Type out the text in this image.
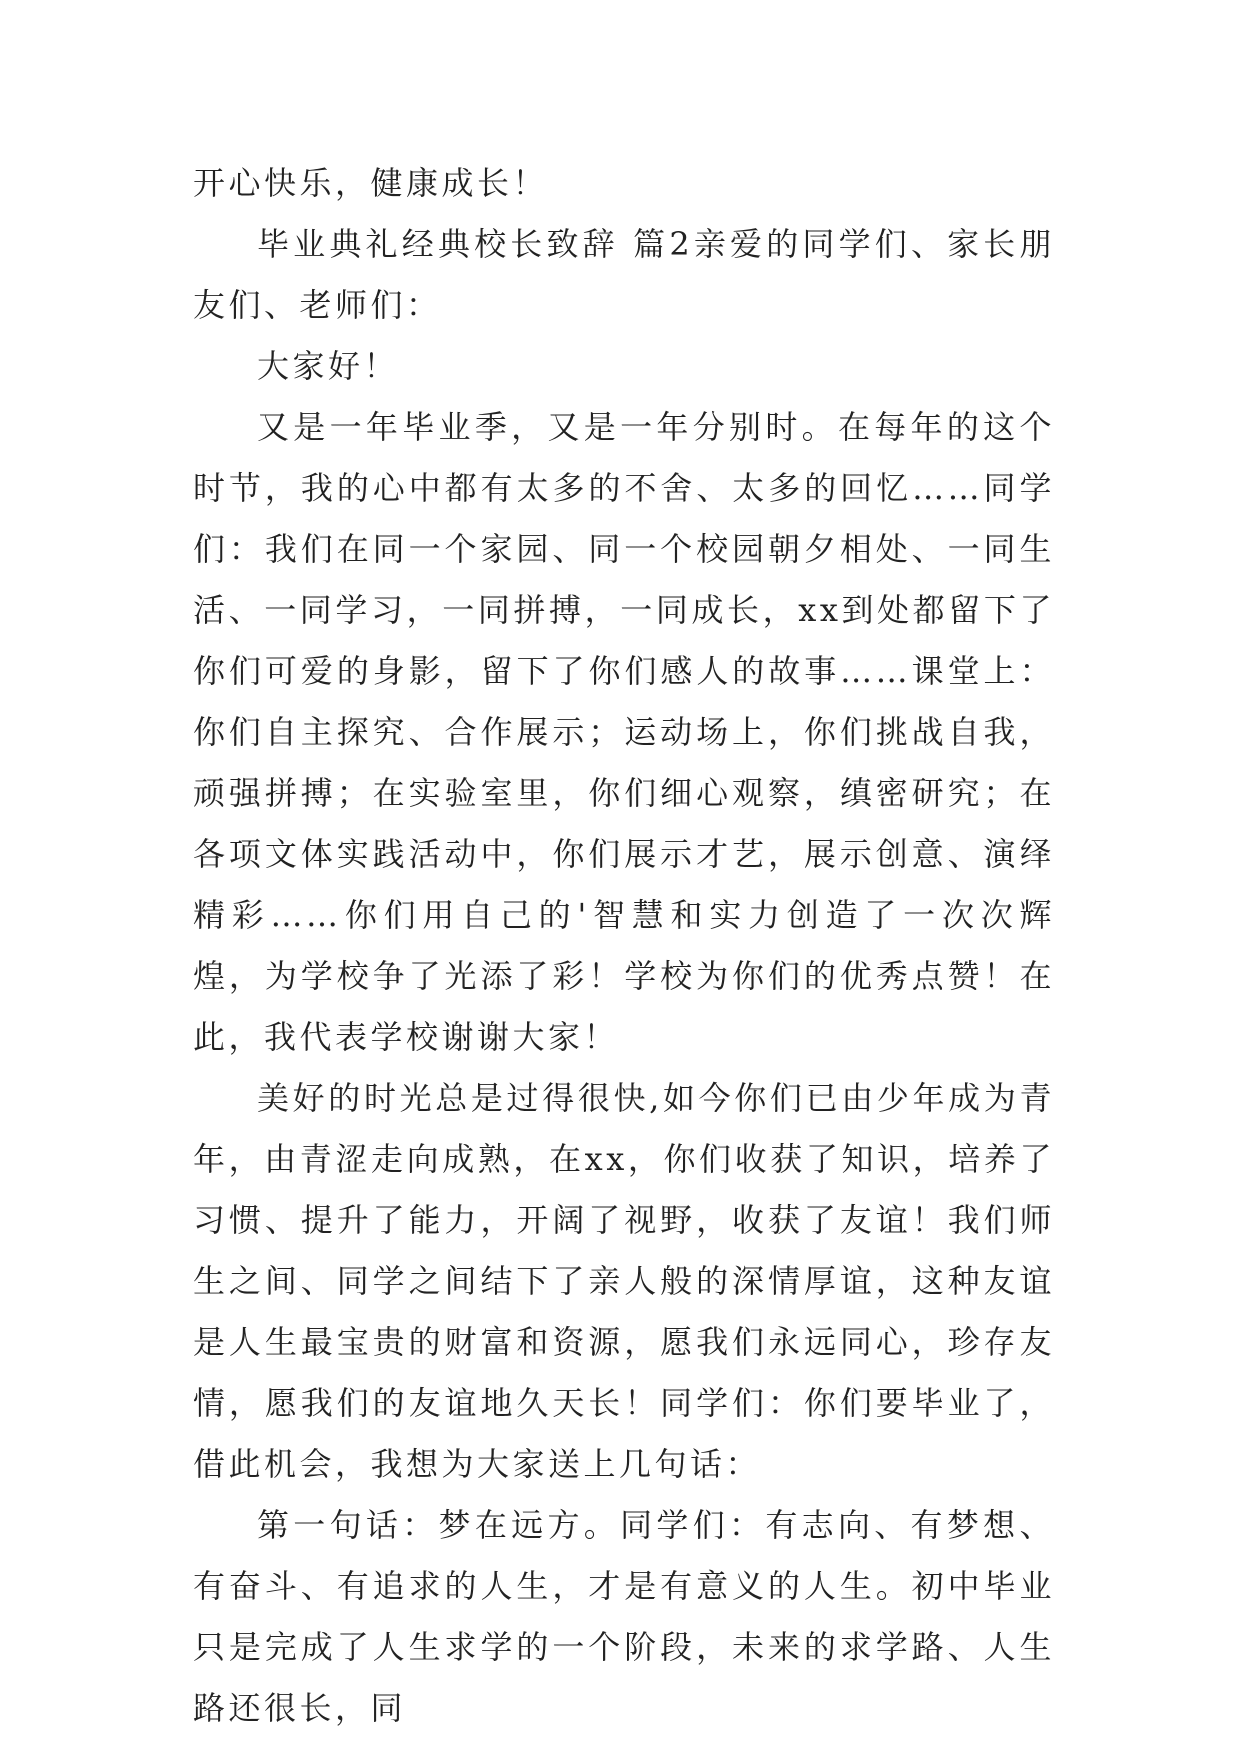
开心快乐，健康成长！

毕业典礼经典校长致辞 篇2亲爱的同学们、家长朋友们、老师们：

大家好！

又是一年毕业季，又是一年分别时。在每年的这个时节，我的心中都有太多的不舍、太多的回忆……同学们：我们在同一个家园、同一个校园朝夕相处、一同生活、一同学习，一同拼搏，一同成长，xx到处都留下了你们可爱的身影，留下了你们感人的故事……课堂上：你们自主探究、合作展示；运动场上，你们挑战自我，顽强拼搏；在实验室里，你们细心观察，缜密研究；在各项文体实践活动中，你们展示才艺，展示创意、演绎精彩……你们用自己的'智慧和实力创造了一次次辉煌，为学校争了光添了彩！学校为你们的优秀点赞！在此，我代表学校谢谢大家！

美好的时光总是过得很快,如今你们已由少年成为青年，由青涩走向成熟，在xx，你们收获了知识，培养了习惯、提升了能力，开阔了视野，收获了友谊！我们师生之间、同学之间结下了亲人般的深情厚谊，这种友谊是人生最宝贵的财富和资源，愿我们永远同心，珍存友情，愿我们的友谊地久天长！同学们：你们要毕业了，借此机会，我想为大家送上几句话：

第一句话：梦在远方。同学们：有志向、有梦想、有奋斗、有追求的人生，才是有意义的人生。初中毕业只是完成了人生求学的一个阶段，未来的求学路、人生路还很长，同
